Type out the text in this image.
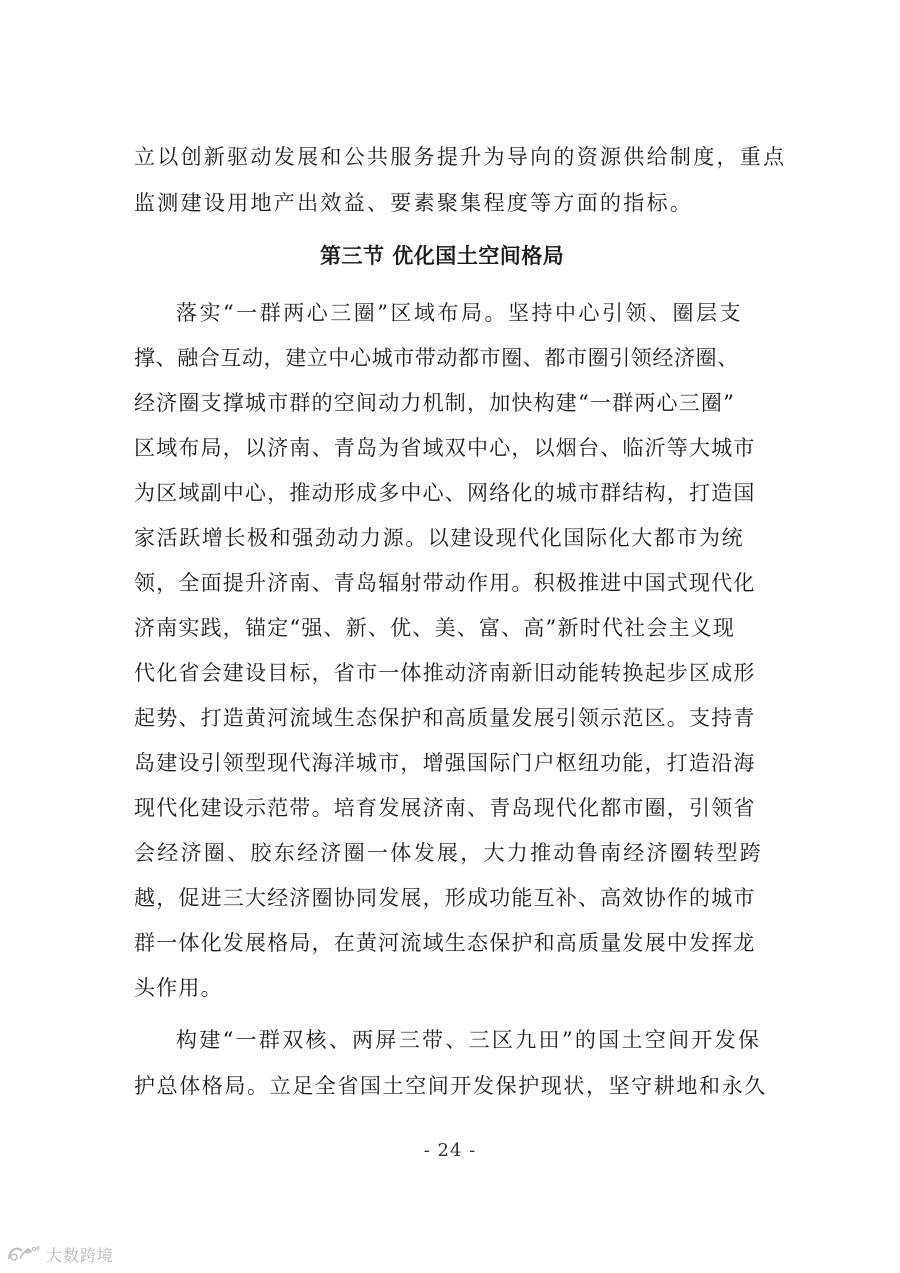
立以创新驱动发展和公共服务提升为导向的资源供给制度，重点
监测建设用地产出效益、要素聚集程度等方面的指标。
第三节 优化国土空间格局
落实“一群两心三圈”区域布局。坚持中心引领、圈层支
撑、融合互动，建立中心城市带动都市圈、都市圈引领经济圈、
经济圈支撑城市群的空间动力机制，加快构建“一群两心三圈”
区域布局，以济南、青岛为省域双中心，以烟台、临沂等大城市
为区域副中心，推动形成多中心、网络化的城市群结构，打造国
家活跃增长极和强劲动力源。以建设现代化国际化大都市为统
领，全面提升济南、青岛辐射带动作用。积极推进中国式现代化
济南实践，锚定“强、新、优、美、富、高”新时代社会主义现
代化省会建设目标，省市一体推动济南新旧动能转换起步区成形
起势、打造黄河流域生态保护和高质量发展引领示范区。支持青
岛建设引领型现代海洋城市，增强国际门户枢纽功能，打造沿海
现代化建设示范带。培育发展济南、青岛现代化都市圈，引领省
会经济圈、胶东经济圈一体发展，大力推动鲁南经济圈转型跨
越，促进三大经济圈协同发展，形成功能互补、高效协作的城市
群一体化发展格局，在黄河流域生态保护和高质量发展中发挥龙
头作用。
构建“一群双核、两屏三带、三区九田”的国土空间开发保
护总体格局。立足全省国土空间开发保护现状，坚守耕地和永久
- 24 -
大数跨境
